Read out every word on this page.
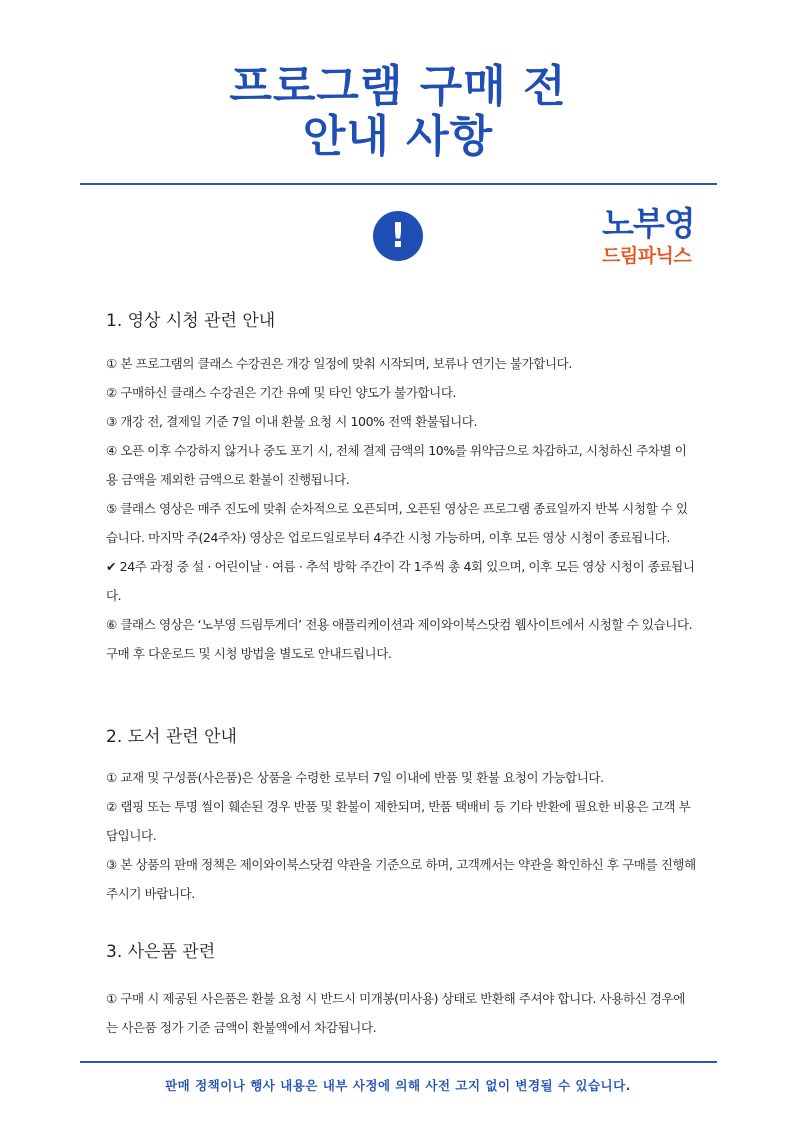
프로그램 구매 전
안내 사항
!	노부영
드림파닉스
1. 영상 시청 관련 안내

① 본 프로그램의 클래스 수강권은 개강 일정에 맞춰 시작되며, 보류나 연기는 불가합니다.

② 구매하신 클래스 수강권은 기간 유예 및 타인 양도가 불가합니다.

③ 개강 전, 결제일 기준 7일 이내 환불 요청 시 100% 전액 환불됩니다.

④ 오픈 이후 수강하지 않거나 중도 포기 시, 전체 결제 금액의 10%를 위약금으로 차감하고, 시청하신 주차별 이용 금액을 제외한 금액으로 환불이 진행됩니다.

⑤ 클래스 영상은 매주 진도에 맞춰 순차적으로 오픈되며, 오픈된 영상은 프로그램 종료일까지 반복 시청할 수 있습니다. 마지막 주(24주차) 영상은 업로드일로부터 4주간 시청 가능하며, 이후 모든 영상 시청이 종료됩니다.

✔ 24주 과정 중 설 · 어린이날 · 여름 · 추석 방학 주간이 각 1주씩 총 4회 있으며, 이후 모든 영상 시청이 종료됩니다.

⑥ 클래스 영상은 ‘노부영 드림투게더’ 전용 애플리케이션과 제이와이북스닷컴 웹사이트에서 시청할 수 있습니다. 구매 후 다운로드 및 시청 방법을 별도로 안내드립니다.

2. 도서 관련 안내

① 교재 및 구성품(사은품)은 상품을 수령한 로부터 7일 이내에 반품 및 환불 요청이 가능합니다.

② 랩핑 또는 투명 씰이 훼손된 경우 반품 및 환불이 제한되며, 반품 택배비 등 기타 반환에 필요한 비용은 고객 부담입니다.

③ 본 상품의 판매 정책은 제이와이북스닷컴 약관을 기준으로 하며, 고객께서는 약관을 확인하신 후 구매를 진행해 주시기 바랍니다.

3. 사은품 관련

① 구매 시 제공된 사은품은 환불 요청 시 반드시 미개봉(미사용) 상태로 반환해 주셔야 합니다. 사용하신 경우에는 사은품 정가 기준 금액이 환불액에서 차감됩니다.

판매 정책이나 행사 내용은 내부 사정에 의해 사전 고지 없이 변경될 수 있습니다.
